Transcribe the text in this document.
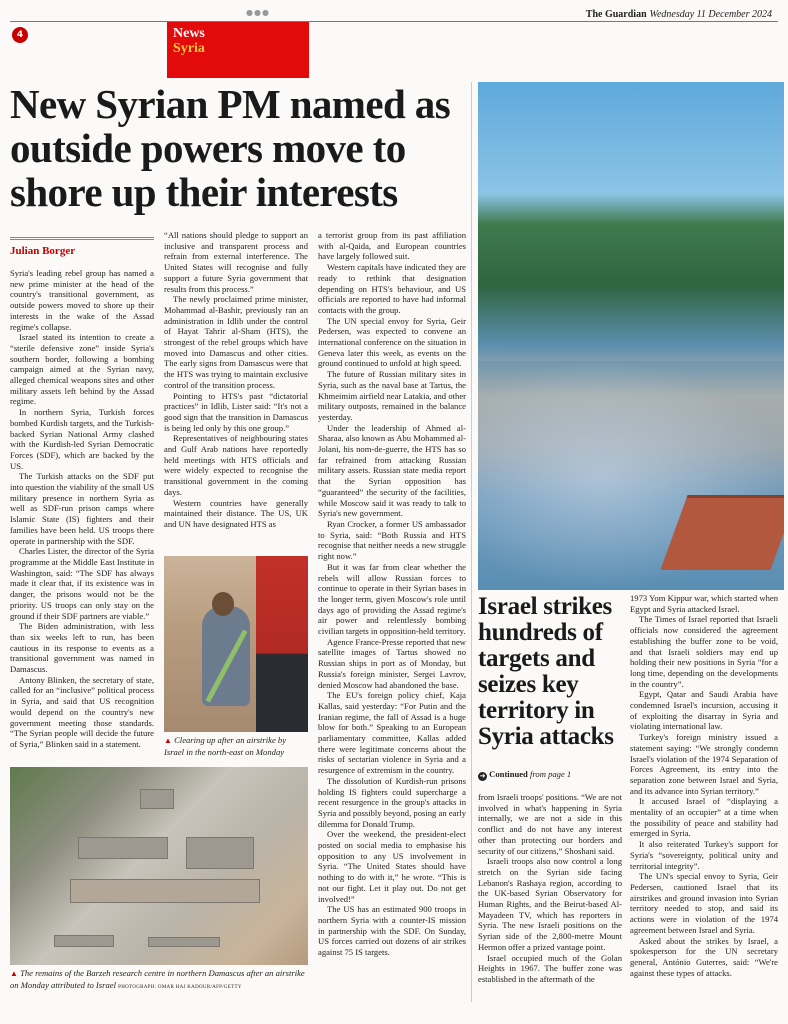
●●●	The Guardian Wednesday 11 December 2024
4	News
Syria
New Syrian PM named as outside powers move to shore up their interests
Julian Borger

Syria's leading rebel group has named a new prime minister at the head of the country's transitional government, as outside powers moved to shore up their interests in the wake of the Assad regime's collapse.

Israel stated its intention to create a “sterile defensive zone” inside Syria's southern border, following a bombing campaign aimed at the Syrian navy, alleged chemical weapons sites and other military assets left behind by the Assad regime.

In northern Syria, Turkish forces bombed Kurdish targets, and the Turkish-backed Syrian National Army clashed with the Kurdish-led Syrian Democratic Forces (SDF), which are backed by the US.

The Turkish attacks on the SDF put into question the viability of the small US military presence in northern Syria as well as SDF-run prison camps where Islamic State (IS) fighters and their families have been held. US troops there operate in partnership with the SDF.

Charles Lister, the director of the Syria programme at the Middle East Institute in Washington, said: “The SDF has always made it clear that, if its existence was in danger, the prisons would not be the priority. US troops can only stay on the ground if their SDF partners are viable.”

The Biden administration, with less than six weeks left to run, has been cautious in its response to events as a transitional government was named in Damascus.

Antony Blinken, the secretary of state, called for an “inclusive” political process in Syria, and said that US recognition would depend on the country's new government meeting those standards. “The Syrian people will decide the future of Syria,” Blinken said in a statement.

“All nations should pledge to support an inclusive and transparent process and refrain from external interference. The United States will recognise and fully support a future Syria government that results from this process.”

The newly proclaimed prime minister, Mohammad al-Bashir, previously ran an administration in Idlib under the control of Hayat Tahrir al-Sham (HTS), the strongest of the rebel groups which have moved into Damascus and other cities. The early signs from Damascus were that the HTS was trying to maintain exclusive control of the transition process.

Pointing to HTS's past “dictatorial practices” in Idlib, Lister said: “It's not a good sign that the transition in Damascus is being led only by this one group.”

Representatives of neighbouring states and Gulf Arab nations have reportedly held meetings with HTS officials and were widely expected to recognise the transitional government in the coming days.

Western countries have generally maintained their distance. The US, UK and UN have designated HTS as

▲ Clearing up after an airstrike by Israel in the north-east on Monday

a terrorist group from its past affiliation with al-Qaida, and European countries have largely followed suit.

Western capitals have indicated they are ready to rethink that designation depending on HTS's behaviour, and US officials are reported to have had informal contacts with the group.

The UN special envoy for Syria, Geir Pedersen, was expected to convene an international conference on the situation in Geneva later this week, as events on the ground continued to unfold at high speed.

The future of Russian military sites in Syria, such as the naval base at Tartus, the Khmeimim airfield near Latakia, and other military outposts, remained in the balance yesterday.

Under the leadership of Ahmed al-Sharaa, also known as Abu Mohammed al-Jolani, his nom-de-guerre, the HTS has so far refrained from attacking Russian military assets. Russian state media report that the Syrian opposition has “guaranteed” the security of the facilities, while Moscow said it was ready to talk to Syria's new government.

Ryan Crocker, a former US ambassador to Syria, said: “Both Russia and HTS recognise that neither needs a new struggle right now.”

But it was far from clear whether the rebels will allow Russian forces to continue to operate in their Syrian bases in the longer term, given Moscow's role until days ago of providing the Assad regime's air power and relentlessly bombing civilian targets in opposition-held territory.

Agence France-Presse reported that new satellite images of Tartus showed no Russian ships in port as of Monday, but Russia's foreign minister, Sergei Lavrov, denied Moscow had abandoned the base.

The EU's foreign policy chief, Kaja Kallas, said yesterday: “For Putin and the Iranian regime, the fall of Assad is a huge blow for both.” Speaking to an European parliamentary committee, Kallas added there were legitimate concerns about the risks of sectarian violence in Syria and a resurgence of extremism in the country.

The dissolution of Kurdish-run prisons holding IS fighters could supercharge a recent resurgence in the group's attacks in Syria and possibly beyond, posing an early dilemma for Donald Trump.

Over the weekend, the president-elect posted on social media to emphasise his opposition to any US involvement in Syria. “The United States should have nothing to do with it,” he wrote. “This is not our fight. Let it play out. Do not get involved!”

The US has an estimated 900 troops in northern Syria with a counter-IS mission in partnership with the SDF. On Sunday, US forces carried out dozens of air strikes against 75 IS targets.

▲ The remains of the Barzeh research centre in northern Damascus after an airstrike on Monday attributed to Israel PHOTOGRAPH: OMAR HAJ KADOUR/AFP/GETTY
Israel strikes hundreds of targets and seizes key territory in Syria attacks
➜ Continued from page 1

from Israeli troops' positions. “We are not involved in what's happening in Syria internally, we are not a side in this conflict and do not have any interest other than protecting our borders and security of our citizens,” Shoshani said.

Israeli troops also now control a long stretch on the Syrian side facing Lebanon's Rashaya region, according to the UK-based Syrian Observatory for Human Rights, and the Beirut-based Al-Mayadeen TV, which has reporters in Syria. The new Israeli positions on the Syrian side of the 2,800-metre Mount Hermon offer a prized vantage point.

Israel occupied much of the Golan Heights in 1967. The buffer zone was established in the aftermath of the

1973 Yom Kippur war, which started when Egypt and Syria attacked Israel.

The Times of Israel reported that Israeli officials now considered the agreement establishing the buffer zone to be void, and that Israeli soldiers may end up holding their new positions in Syria “for a long time, depending on the developments in the country”.

Egypt, Qatar and Saudi Arabia have condemned Israel's incursion, accusing it of exploiting the disarray in Syria and violating international law.

Turkey's foreign ministry issued a statement saying: “We strongly condemn Israel's violation of the 1974 Separation of Forces Agreement, its entry into the separation zone between Israel and Syria, and its advance into Syrian territory.”

It accused Israel of “displaying a mentality of an occupier” at a time when the possibility of peace and stability had emerged in Syria.

It also reiterated Turkey's support for Syria's “sovereignty, political unity and territorial integrity”.

The UN's special envoy to Syria, Geir Pedersen, cautioned Israel that its airstrikes and ground invasion into Syrian territory needed to stop, and said its actions were in violation of the 1974 agreement between Israel and Syria.

Asked about the strikes by Israel, a spokesperson for the UN secretary general, António Guterres, said: “We're against these types of attacks.
